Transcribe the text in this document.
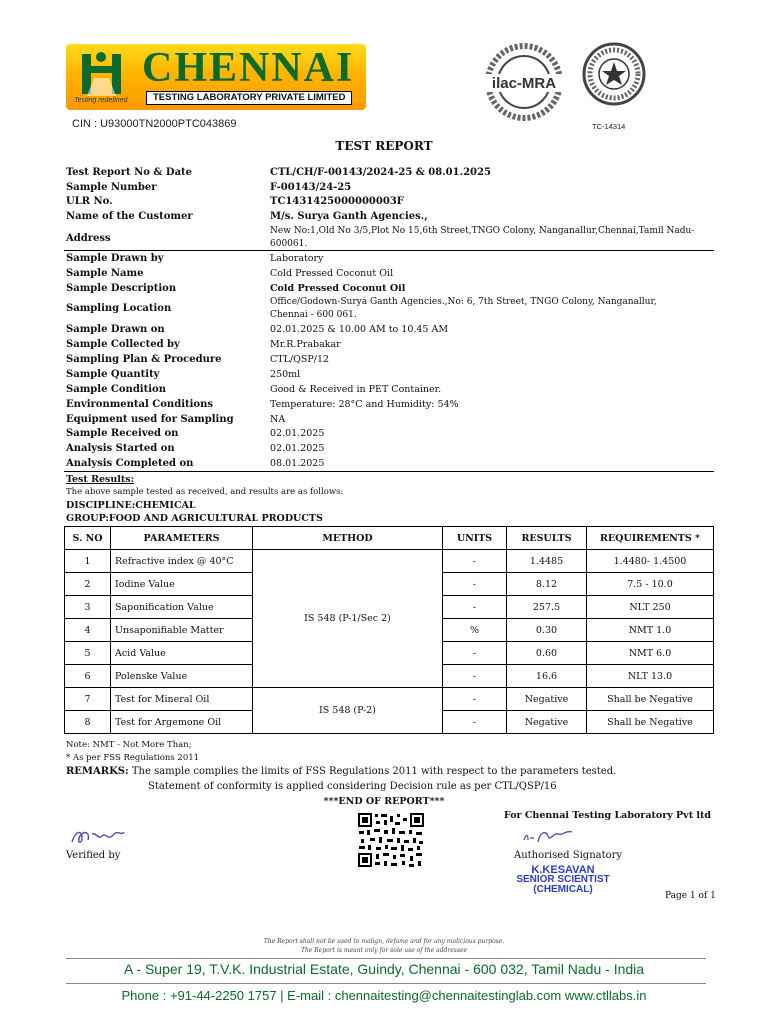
CHENNAI
TESTING LABORATORY PRIVATE LIMITED
Testing redefined
CIN : U93000TN2000PTC043869
ilac-MRA
TC-14314
TEST REPORT
Test Report No & Date	CTL/CH/F-00143/2024-25 & 08.01.2025
Sample Number	F-00143/24-25
ULR No.	TC1431425000000003F
Name of the Customer	M/s. Surya Ganth Agencies.,
Address
New No:1,Old No 3/5,Plot No 15,6th Street,TNGO Colony, Nanganallur,Chennai,Tamil Nadu-
600061.
Sample Drawn by	Laboratory
Sample Name	Cold Pressed Coconut Oil
Sample Description	Cold Pressed Coconut Oil
Sampling Location
Office/Godown-Surya Ganth Agencies.,No: 6, 7th Street, TNGO Colony, Nanganallur,
Chennai - 600 061.
Sample Drawn on	02.01.2025 & 10.00 AM to 10.45 AM
Sample Collected by	Mr.R.Prabakar
Sampling Plan & Procedure	CTL/QSP/12
Sample Quantity	250ml
Sample Condition	Good & Received in PET Container.
Environmental Conditions	Temperature: 28°C and Humidity: 54%
Equipment used for Sampling	NA
Sample Received on	02.01.2025
Analysis Started on	02.01.2025
Analysis Completed on	08.01.2025
Test Results:
The above sample tested as received, and results are as follows:
DISCIPLINE:CHEMICAL
GROUP:FOOD AND AGRICULTURAL PRODUCTS
S. NO	PARAMETERS	METHOD	UNITS	RESULTS	REQUIREMENTS *
1	Refractive index @ 40°C	IS 548 (P-1/Sec 2)	-	1.4485	1.4480- 1.4500
2	Iodine Value		-	8.12	7.5 - 10.0
3	Saponification Value		-	257.5	NLT 250
4	Unsaponifiable Matter		%	0.30	NMT 1.0
5	Acid Value		-	0.60	NMT 6.0
6	Polenske Value		-	16.6	NLT 13.0
7	Test for Mineral Oil	IS 548 (P-2)	-	Negative	Shall be Negative
8	Test for Argemone Oil		-	Negative	Shall be Negative
Note: NMT - Not More Than;
* As per FSS Regulations 2011
REMARKS: The sample complies the limits of FSS Regulations 2011 with respect to the parameters tested.
Statement of conformity is applied considering Decision rule as per CTL/QSP/16
***END OF REPORT***
For Chennai Testing Laboratory Pvt ltd
Verified by	Authorised Signatory
K.KESAVAN
SENIOR SCIENTIST
(CHEMICAL)
Page 1 of 1
The Report shall not be used to malign, defame and for any malicious purpose.
The Report is meant only for sole use of the addressee
A - Super 19, T.V.K. Industrial Estate, Guindy, Chennai - 600 032, Tamil Nadu - India
Phone : +91-44-2250 1757 | E-mail : chennaitesting@chennaitestinglab.com www.ctllabs.in
